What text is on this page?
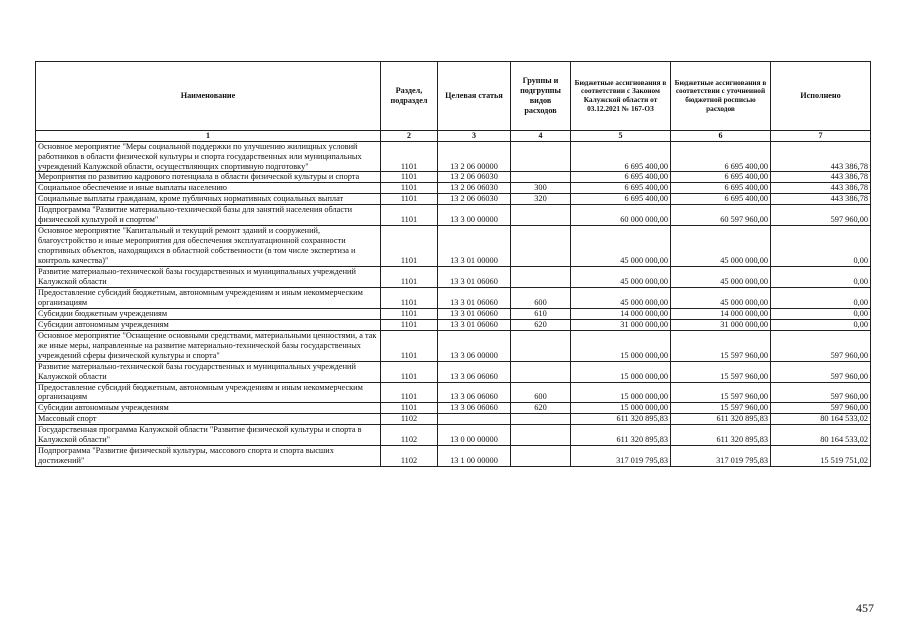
Наименование	Раздел, подраздел	Целевая статья	Группы и подгруппы видов расходов	Бюджетные ассигнования в соответствии с Законом Калужской области от 03.12.2021 № 167-ОЗ	Бюджетные ассигнования в соответствии с уточненной бюджетной росписью расходов	Исполнено
1	2	3	4	5	6	7
Основное мероприятие "Меры социальной поддержки по улучшению жилищных условий работников в области физической культуры и спорта государственных или муниципальных учреждений Калужской области, осуществляющих спортивную подготовку"	1101	13 2 06 00000		6 695 400,00	6 695 400,00	443 386,78
Мероприятия по развитию кадрового потенциала в области физической культуры и спорта	1101	13 2 06 06030		6 695 400,00	6 695 400,00	443 386,78
Социальное обеспечение и иные выплаты населению	1101	13 2 06 06030	300	6 695 400,00	6 695 400,00	443 386,78
Социальные выплаты гражданам, кроме публичных нормативных социальных выплат	1101	13 2 06 06030	320	6 695 400,00	6 695 400,00	443 386,78
Подпрограмма "Развитие материально-технической базы для занятий населения области физической культурой и спортом"	1101	13 3 00 00000		60 000 000,00	60 597 960,00	597 960,00
Основное мероприятие "Капитальный и текущий ремонт зданий и сооружений, благоустройство и иные мероприятия для обеспечения эксплуатационной сохранности спортивных объектов, находящихся в областной собственности (в том числе экспертиза и контроль качества)"	1101	13 3 01 00000		45 000 000,00	45 000 000,00	0,00
Развитие материально-технической базы государственных и муниципальных учреждений Калужской области	1101	13 3 01 06060		45 000 000,00	45 000 000,00	0,00
Предоставление субсидий бюджетным, автономным учреждениям и иным некоммерческим организациям	1101	13 3 01 06060	600	45 000 000,00	45 000 000,00	0,00
Субсидии бюджетным учреждениям	1101	13 3 01 06060	610	14 000 000,00	14 000 000,00	0,00
Субсидии автономным учреждениям	1101	13 3 01 06060	620	31 000 000,00	31 000 000,00	0,00
Основное мероприятие "Оснащение основными средствами, материальными ценностями, а так же иные меры, направленные на развитие материально-технической базы государственных учреждений сферы физической культуры и спорта"	1101	13 3 06 00000		15 000 000,00	15 597 960,00	597 960,00
Развитие материально-технической базы государственных и муниципальных учреждений Калужской области	1101	13 3 06 06060		15 000 000,00	15 597 960,00	597 960,00
Предоставление субсидий бюджетным, автономным учреждениям и иным некоммерческим организациям	1101	13 3 06 06060	600	15 000 000,00	15 597 960,00	597 960,00
Субсидии автономным учреждениям	1101	13 3 06 06060	620	15 000 000,00	15 597 960,00	597 960,00
Массовый спорт	1102			611 320 895,83	611 320 895,83	80 164 533,02
Государственная программа Калужской области "Развитие физической культуры и спорта в Калужской области"	1102	13 0 00 00000		611 320 895,83	611 320 895,83	80 164 533,02
Подпрограмма "Развитие физической культуры, массового спорта и спорта высших достижений"	1102	13 1 00 00000		317 019 795,83	317 019 795,83	15 519 751,02
457
